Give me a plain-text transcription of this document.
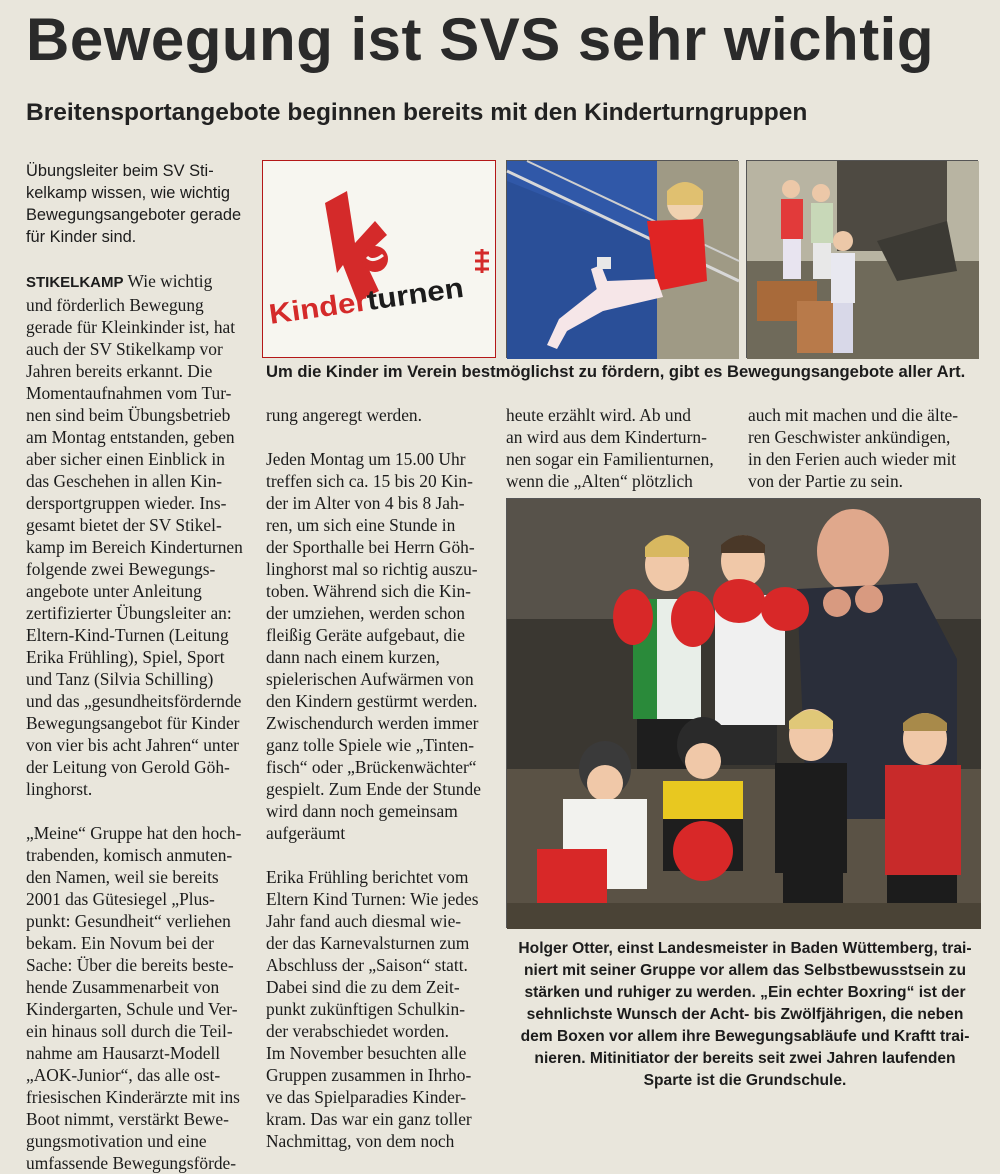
Bewegung ist SVS sehr wichtig
Breitensportangebote beginnen bereits mit den Kinderturngruppen

Übungsleiter beim SV Sti-
kelkamp wissen, wie wichtig
Bewegungsangeboter gerade
für Kinder sind.

STIKELKAMP Wie wichtig
und förderlich Bewegung
gerade für Kleinkinder ist, hat
auch der SV Stikelkamp vor
Jahren bereits erkannt. Die
Momentaufnahmen vom Tur-
nen sind beim Übungsbetrieb
am Montag entstanden, geben
aber sicher einen Einblick in
das Geschehen in allen Kin-
dersportgruppen wieder. Ins-
gesamt bietet der SV Stikel-
kamp im Bereich Kinderturnen
folgende zwei Bewegungs-
angebote unter Anleitung
zertifizierter Übungsleiter an:
Eltern-Kind-Turnen (Leitung
Erika Frühling), Spiel, Sport
und Tanz (Silvia Schilling)
und das „gesundheitsfördernde
Bewegungsangebot für Kinder
von vier bis acht Jahren“ unter
der Leitung von Gerold Göh-
linghorst.

„Meine“ Gruppe hat den hoch-
trabenden, komisch anmuten-
den Namen, weil sie bereits
2001 das Gütesiegel „Plus-
punkt: Gesundheit“ verliehen
bekam. Ein Novum bei der
Sache: Über die bereits beste-
hende Zusammenarbeit von
Kindergarten, Schule und Ver-
ein hinaus soll durch die Teil-
nahme am Hausarzt-Modell
„AOK-Junior“, das alle ost-
friesischen Kinderärzte mit ins
Boot nimmt, verstärkt Bewe-
gungsmotivation und eine
umfassende Bewegungsförde-

Kinder turnen
Um die Kinder im Verein bestmöglichst zu fördern, gibt es Bewegungsangebote aller Art.

rung angeregt werden.

Jeden Montag um 15.00 Uhr
treffen sich ca. 15 bis 20 Kin-
der im Alter von 4 bis 8 Jah-
ren, um sich eine Stunde in
der Sporthalle bei Herrn Göh-
linghorst mal so richtig auszu-
toben. Während sich die Kin-
der umziehen, werden schon
fleißig Geräte aufgebaut, die
dann nach einem kurzen,
spielerischen Aufwärmen von
den Kindern gestürmt werden.
Zwischendurch werden immer
ganz tolle Spiele wie „Tinten-
fisch“ oder „Brückenwächter“
gespielt. Zum Ende der Stunde
wird dann noch gemeinsam
aufgeräumt

Erika Frühling berichtet vom
Eltern Kind Turnen: Wie jedes
Jahr fand auch diesmal wie-
der das Karnevalsturnen zum
Abschluss der „Saison“ statt.
Dabei sind die zu dem Zeit-
punkt zukünftigen Schulkin-
der verabschiedet worden.
Im November besuchten alle
Gruppen zusammen in Ihrho-
ve das Spielparadies Kinder-
kram. Das war ein ganz toller
Nachmittag, von dem noch

heute erzählt wird. Ab und
an wird aus dem Kinderturn-
nen sogar ein Familienturnen,
wenn die „Alten“ plötzlich

auch mit machen und die älte-
ren Geschwister ankündigen,
in den Ferien auch wieder mit
von der Partie zu sein.

Holger Otter, einst Landesmeister in Baden Wüttemberg, trai-
niert mit seiner Gruppe vor allem das Selbstbewusstsein zu
stärken und ruhiger zu werden. „Ein echter Boxring“ ist der
sehnlichste Wunsch der Acht- bis Zwölfjährigen, die neben
dem Boxen vor allem ihre Bewegungsabläufe und Kraftt trai-
nieren. Mitinitiator der bereits seit zwei Jahren laufenden
Sparte ist die Grundschule.
